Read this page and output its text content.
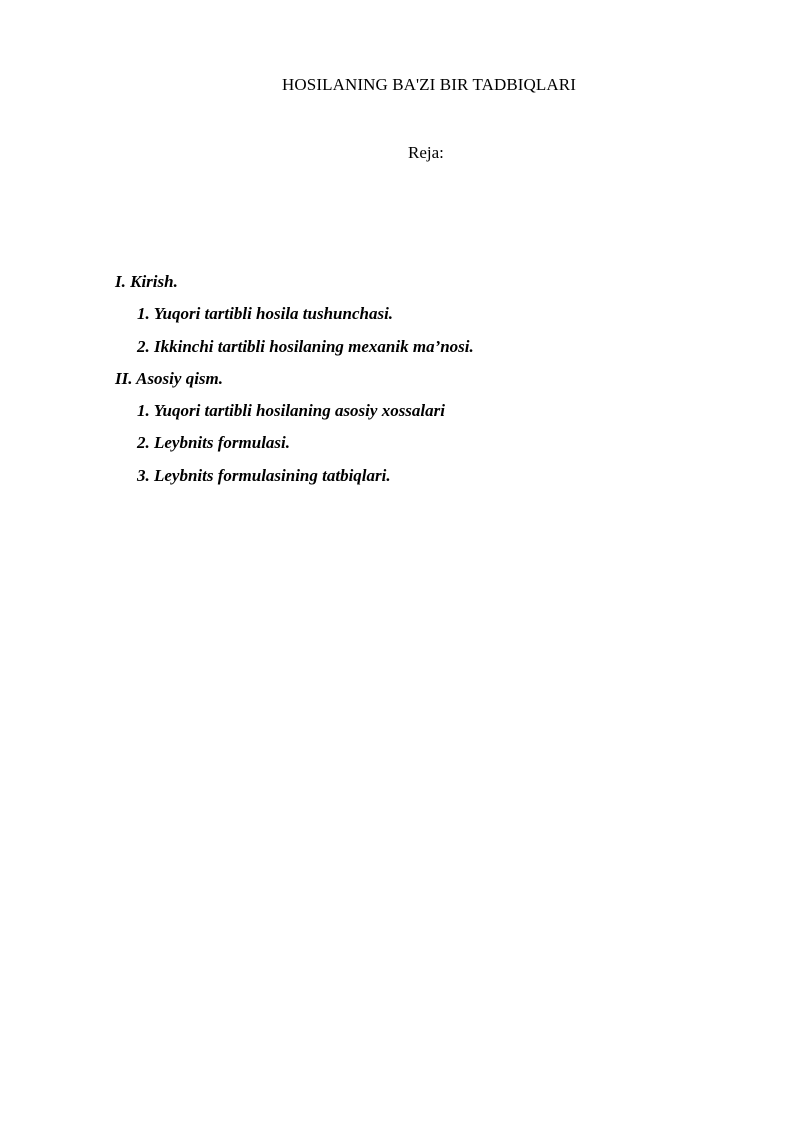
HOSILANING BA'ZI BIR TADBIQLARI
Reja:
I. Kirish.
1. Yuqori tartibli hosila tushunchasi.
2. Ikkinchi tartibli hosilaning mexanik ma’nosi.
II. Asosiy qism.
1. Yuqori tartibli hosilaning asosiy xossalari
2. Leybnits formulasi.
3. Leybnits formulasining tatbiqlari.
